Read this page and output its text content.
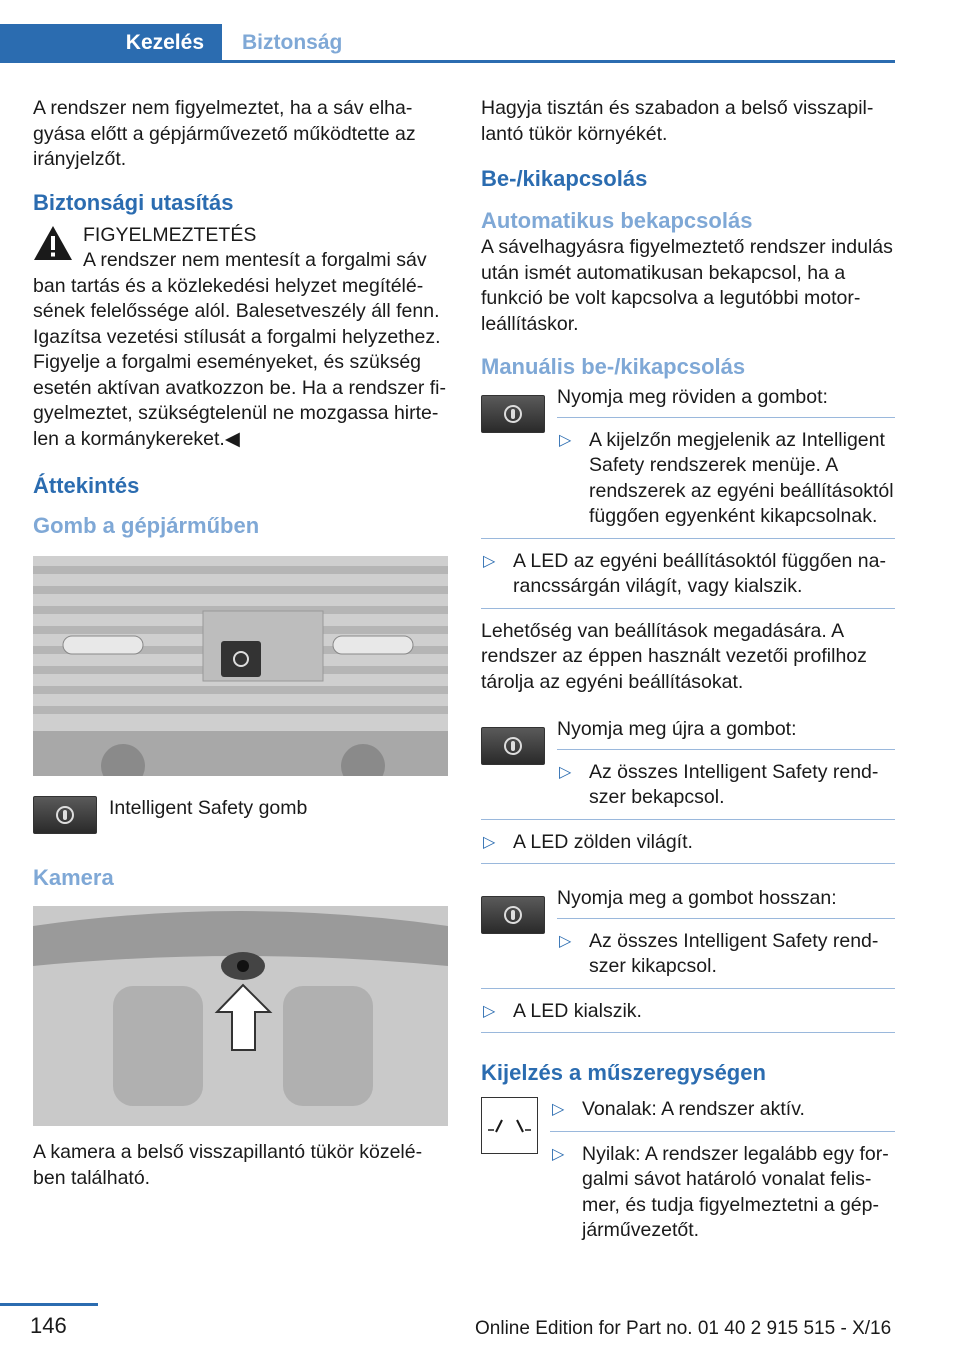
Kezelés Biztonság

A rendszer nem figyelmeztet, ha a sáv elhagyása előtt a gépjárművezető működtette az irányjelzőt.

Biztonsági utasítás

FIGYELMEZTETÉS

A rendszer nem mentesít a forgalmi sáv

ban tartás és a közlekedési helyzet megítélésének felelőssége alól. Balesetveszély áll fenn. Igazítsa vezetési stílusát a forgalmi helyzethez. Figyelje a forgalmi eseményeket, és szükség esetén aktívan avatkozzon be. Ha a rendszer figyelmeztet, szükségtelenül ne mozgassa hirtelen a kormánykereket.◀

Áttekintés
Gomb a gépjárműben

Intelligent Safety gomb

Kamera

A kamera a belső visszapillantó tükör közelében található.

Hagyja tisztán és szabadon a belső visszapillantó tükör környékét.

Be-/kikapcsolás
Automatikus bekapcsolás

A sávelhagyásra figyelmeztető rendszer indulás után ismét automatikusan bekapcsol, ha a funkció be volt kapcsolva a legutóbbi motorleállításkor.

Manuális be-/kikapcsolás

Nyomja meg röviden a gombot:

▷ A kijelzőn megjelenik az Intelligent Safety rendszerek menüje. A rendszerek az egyéni beállításoktól függően egyenként kikapcsolnak.

▷ A LED az egyéni beállításoktól függően narancssárgán világít, vagy kialszik.

Lehetőség van beállítások megadására. A rendszer az éppen használt vezetői profilhoz tárolja az egyéni beállításokat.

Nyomja meg újra a gombot:

▷ Az összes Intelligent Safety rendszer bekapcsol.

▷ A LED zölden világít.

Nyomja meg a gombot hosszan:

▷ Az összes Intelligent Safety rendszer kikapcsol.

▷ A LED kialszik.

Kijelzés a műszeregységen

▷ Vonalak: A rendszer aktív.

▷ Nyilak: A rendszer legalább egy forgalmi sávot határoló vonalat felismer, és tudja figyelmeztetni a gépjárművezetőt.

146	Online Edition for Part no. 01 40 2 915 515 - X/16
